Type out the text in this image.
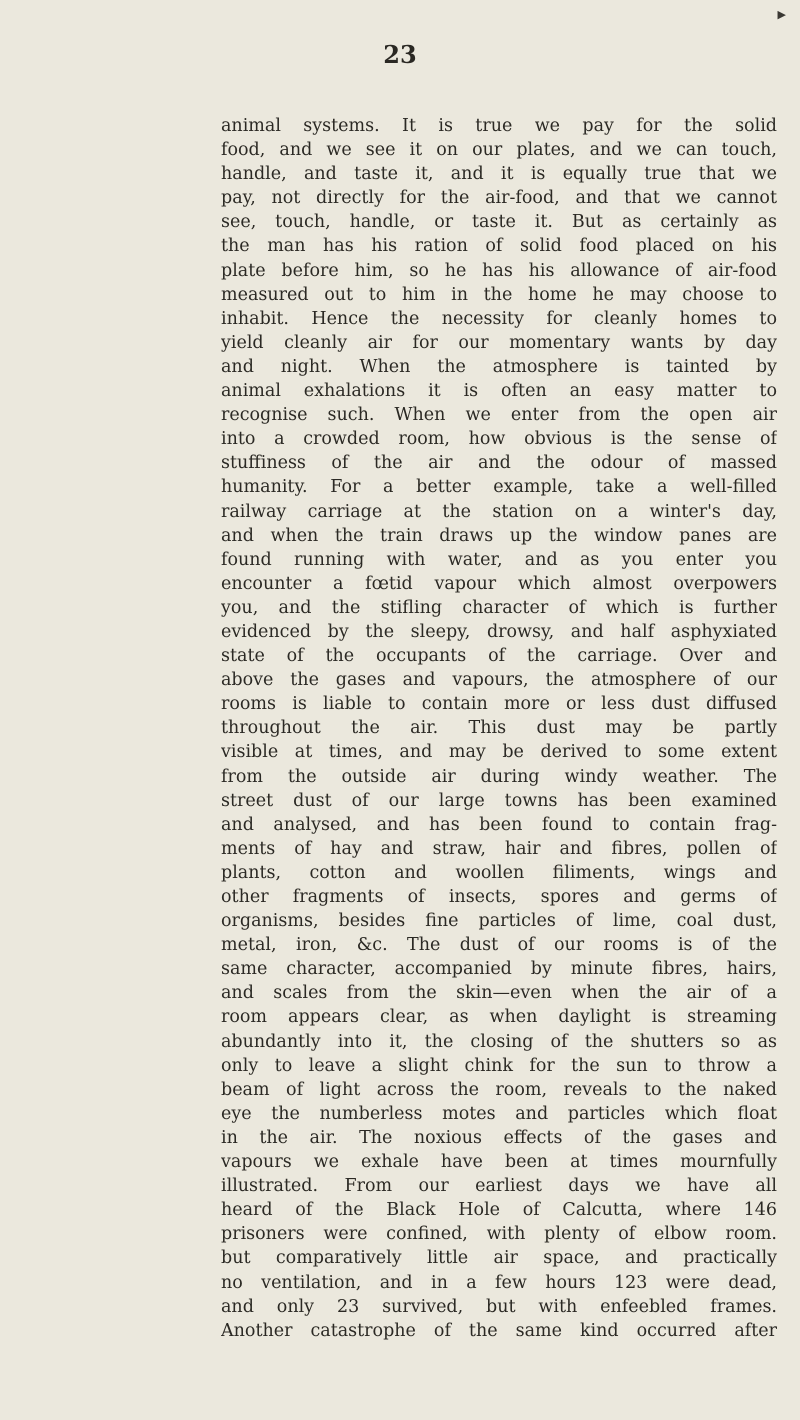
▶
23
animal systems. It is true we pay for the solid
food, and we see it on our plates, and we can touch,
handle, and taste it, and it is equally true that we
pay, not directly for the air-food, and that we cannot
see, touch, handle, or taste it. But as certainly as
the man has his ration of solid food placed on his
plate before him, so he has his allowance of air-food
measured out to him in the home he may choose to
inhabit. Hence the necessity for cleanly homes to
yield cleanly air for our momentary wants by day
and night. When the atmosphere is tainted by
animal exhalations it is often an easy matter to
recognise such. When we enter from the open air
into a crowded room, how obvious is the sense of
stuffiness of the air and the odour of massed
humanity. For a better example, take a well-filled
railway carriage at the station on a winter's day,
and when the train draws up the window panes are
found running with water, and as you enter you
encounter a fœtid vapour which almost overpowers
you, and the stifling character of which is further
evidenced by the sleepy, drowsy, and half asphyxiated
state of the occupants of the carriage. Over and
above the gases and vapours, the atmosphere of our
rooms is liable to contain more or less dust diffused
throughout the air. This dust may be partly
visible at times, and may be derived to some extent
from the outside air during windy weather. The
street dust of our large towns has been examined
and analysed, and has been found to contain frag-
ments of hay and straw, hair and fibres, pollen of
plants, cotton and woollen filiments, wings and
other fragments of insects, spores and germs of
organisms, besides fine particles of lime, coal dust,
metal, iron, &c. The dust of our rooms is of the
same character, accompanied by minute fibres, hairs,
and scales from the skin—even when the air of a
room appears clear, as when daylight is streaming
abundantly into it, the closing of the shutters so as
only to leave a slight chink for the sun to throw a
beam of light across the room, reveals to the naked
eye the numberless motes and particles which float
in the air. The noxious effects of the gases and
vapours we exhale have been at times mournfully
illustrated. From our earliest days we have all
heard of the Black Hole of Calcutta, where 146
prisoners were confined, with plenty of elbow room.
but comparatively little air space, and practically
no ventilation, and in a few hours 123 were dead,
and only 23 survived, but with enfeebled frames.
Another catastrophe of the same kind occurred after
